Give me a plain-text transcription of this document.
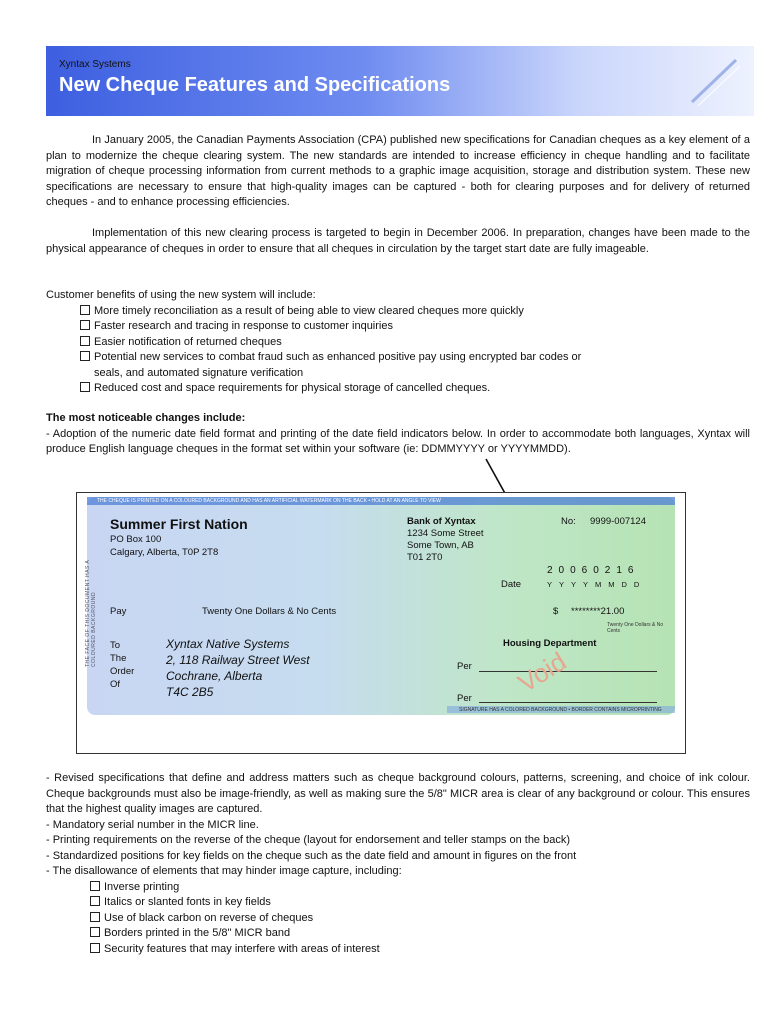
Xyntax Systems
New Cheque Features and Specifications

In January 2005, the Canadian Payments Association (CPA) published new specifications for Canadian cheques as a key element of a plan to modernize the cheque clearing system. The new standards are intended to increase efficiency in cheque handling and to facilitate migration of cheque processing information from current methods to a graphic image acquisition, storage and distribution system. These new specifications are necessary to ensure that high-quality images can be captured - both for clearing purposes and for delivery of returned cheques - and to enhance processing efficiencies.

Implementation of this new clearing process is targeted to begin in December 2006. In preparation, changes have been made to the physical appearance of cheques in order to ensure that all cheques in circulation by the target start date are fully imageable.

Customer benefits of using the new system will include:
More timely reconciliation as a result of being able to view cleared cheques more quickly
Faster research and tracing in response to customer inquiries
Easier notification of returned cheques
Potential new services to combat fraud such as enhanced positive pay using encrypted bar codes or
seals, and automated signature verification
Reduced cost and space requirements for physical storage of cancelled cheques.
The most noticeable changes include:

- Adoption of the numeric date field format and printing of the date field indicators below. In order to accommodate both languages, Xyntax will produce English language cheques in the format set within your software (ie: DDMMYYYY or YYYYMMDD).

THE CHEQUE IS PRINTED ON A COLOURED BACKGROUND AND HAS AN ARTIFICIAL WATERMARK ON THE BACK • HOLD AT AN ANGLE TO VIEW
THE FACE OF THIS DOCUMENT HAS A COLOURED BACKGROUND
Summer First Nation
PO Box 100
Calgary, Alberta, T0P 2T8
Bank of Xyntax
1234 Some Street
Some Town, AB
T01 2T0
No: 9999-007124
20060216
Date	YYYYMMDD
Pay	Twenty One Dollars & No Cents	$ ********21.00
Twenty One Dollars & No Cents
To
The
Order
Of
Xyntax Native Systems
2, 118 Railway Street West
Cochrane, Alberta
T4C 2B5
Housing Department
Per
Per
Void
SIGNATURE HAS A COLORED BACKGROUND • BORDER CONTAINS MICROPRINTING

- Revised specifications that define and address matters such as cheque background colours, patterns, screening, and choice of ink colour. Cheque backgrounds must also be image-friendly, as well as making sure the 5/8" MICR area is clear of any background or colour. This ensures that the highest quality images are captured.

- Mandatory serial number in the MICR line.

- Printing requirements on the reverse of the cheque (layout for endorsement and teller stamps on the back)

- Standardized positions for key fields on the cheque such as the date field and amount in figures on the front

- The disallowance of elements that may hinder image capture, including:

Inverse printing
Italics or slanted fonts in key fields
Use of black carbon on reverse of cheques
Borders printed in the 5/8" MICR band
Security features that may interfere with areas of interest
